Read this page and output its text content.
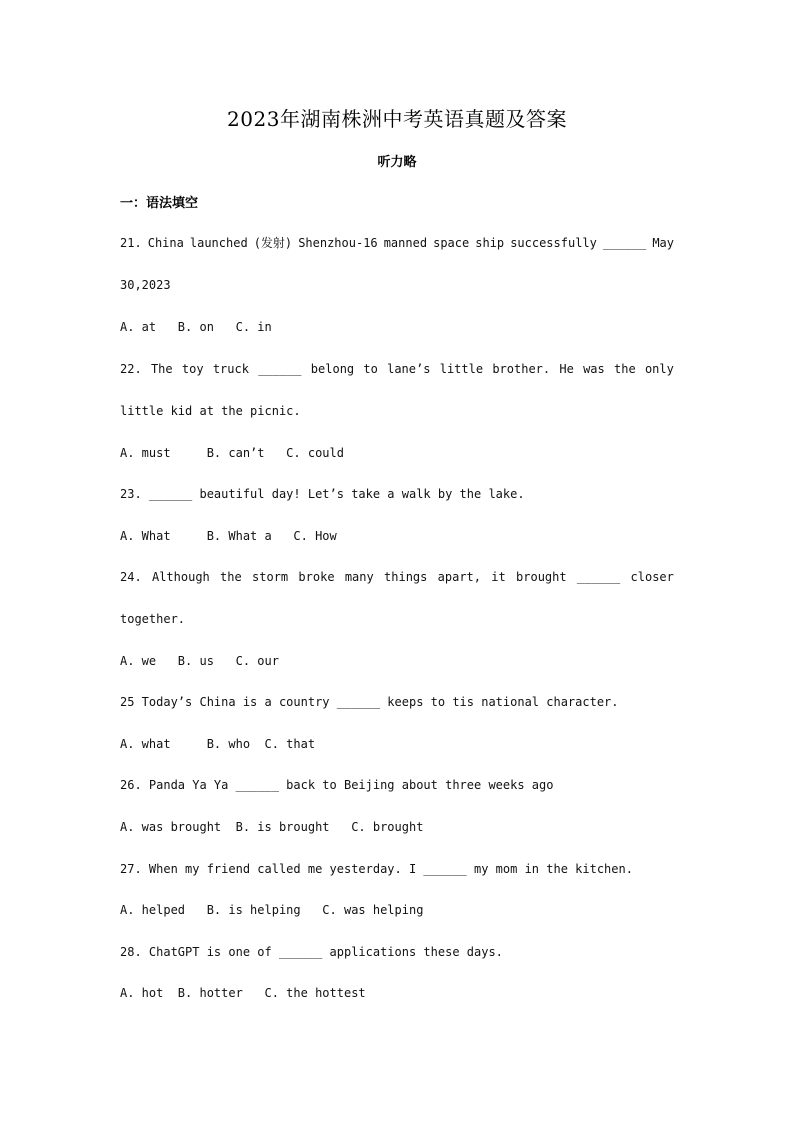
2023年湖南株洲中考英语真题及答案
听力略
一：语法填空
21. China launched (发射) Shenzhou-16 manned space ship successfully ______ May
30,2023
A. at   B. on   C. in
22. The toy truck ______ belong to lane’s little brother. He was the only
little kid at the picnic.
A. must     B. can’t   C. could
23. ______ beautiful day! Let’s take a walk by the lake.
A. What     B. What a   C. How
24. Although the storm broke many things apart, it brought ______ closer
together.
A. we   B. us   C. our
25 Today’s China is a country ______ keeps to tis national character.
A. what     B. who  C. that
26. Panda Ya Ya ______ back to Beijing about three weeks ago
A. was brought  B. is brought   C. brought
27. When my friend called me yesterday. I ______ my mom in the kitchen.
A. helped   B. is helping   C. was helping
28. ChatGPT is one of ______ applications these days.
A. hot  B. hotter   C. the hottest
